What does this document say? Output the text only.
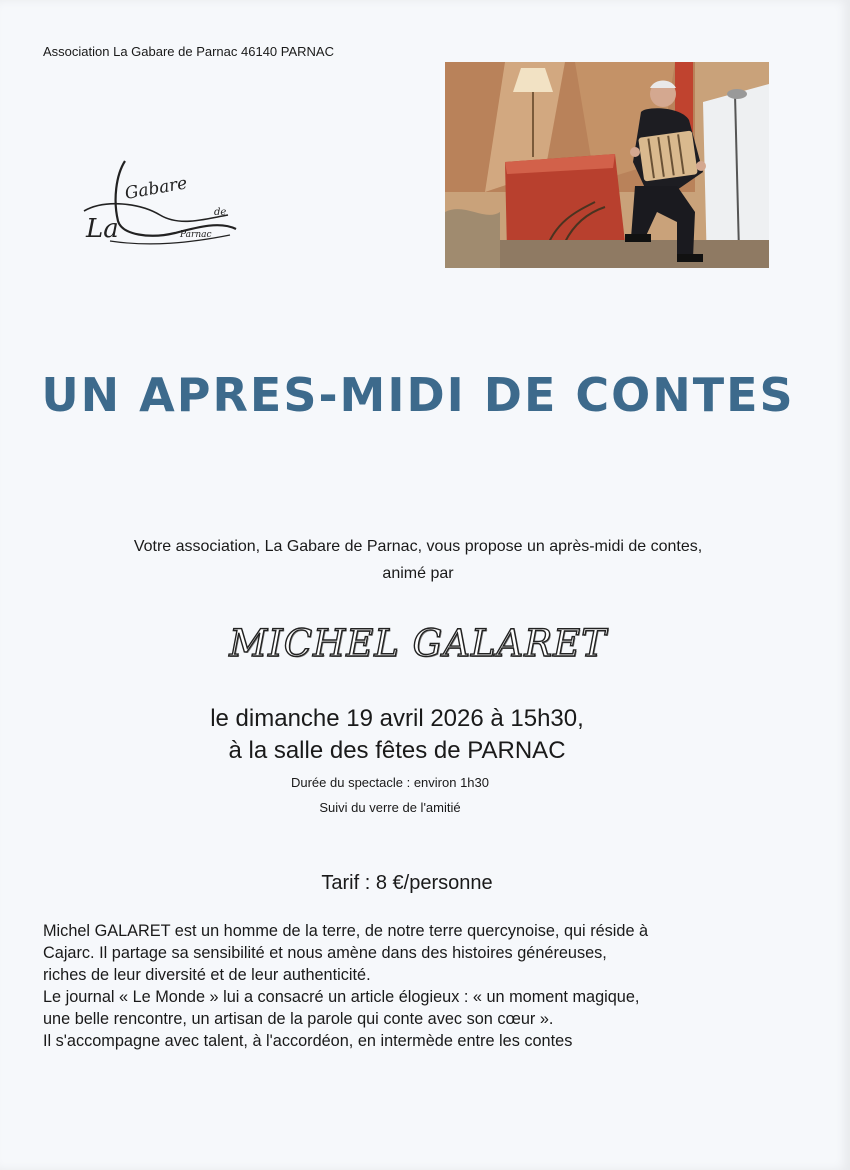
Association La Gabare de Parnac 46140 PARNAC
La
Gabare
de
Parnac
UN APRES-MIDI DE CONTES
Votre association, La Gabare de Parnac, vous propose un après-midi de contes,
animé par
MICHEL GALARET
le dimanche 19 avril 2026 à 15h30,
à la salle des fêtes de PARNAC
Durée du spectacle : environ 1h30
Suivi du verre de l'amitié
Tarif : 8 €/personne
Michel GALARET est un homme de la terre, de notre terre quercynoise, qui réside à
Cajarc. Il partage sa sensibilité et nous amène dans des histoires généreuses,
riches de leur diversité et de leur authenticité.
Le journal « Le Monde » lui a consacré un article élogieux : « un moment magique,
une belle rencontre, un artisan de la parole qui conte avec son cœur ».
Il s'accompagne avec talent, à l'accordéon, en intermède entre les contes
